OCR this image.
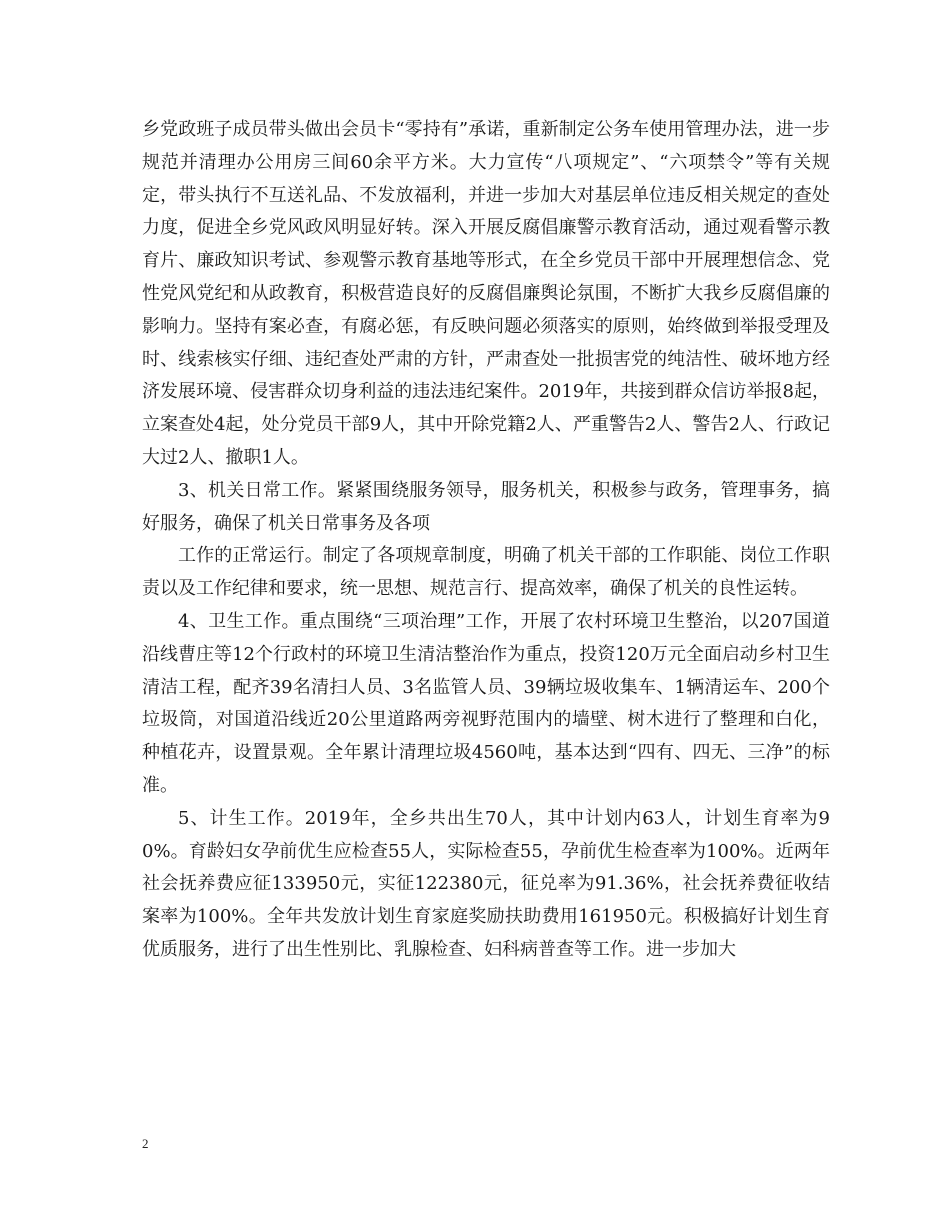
乡党政班子成员带头做出会员卡“零持有”承诺，重新制定公务车使用管理办法，进一步规范并清理办公用房三间60余平方米。大力宣传“八项规定”、“六项禁令”等有关规定，带头执行不互送礼品、不发放福利，并进一步加大对基层单位违反相关规定的查处力度，促进全乡党风政风明显好转。深入开展反腐倡廉警示教育活动，通过观看警示教育片、廉政知识考试、参观警示教育基地等形式，在全乡党员干部中开展理想信念、党性党风党纪和从政教育，积极营造良好的反腐倡廉舆论氛围，不断扩大我乡反腐倡廉的影响力。坚持有案必查，有腐必惩，有反映问题必须落实的原则，始终做到举报受理及时、线索核实仔细、违纪查处严肃的方针，严肃查处一批损害党的纯洁性、破坏地方经济发展环境、侵害群众切身利益的违法违纪案件。2019年，共接到群众信访举报8起，立案查处4起，处分党员干部9人，其中开除党籍2人、严重警告2人、警告2人、行政记大过2人、撤职1人。

3、机关日常工作。紧紧围绕服务领导，服务机关，积极参与政务，管理事务，搞好服务，确保了机关日常事务及各项

工作的正常运行。制定了各项规章制度，明确了机关干部的工作职能、岗位工作职责以及工作纪律和要求，统一思想、规范言行、提高效率，确保了机关的良性运转。

4、卫生工作。重点围绕“三项治理”工作，开展了农村环境卫生整治，以207国道沿线曹庄等12个行政村的环境卫生清洁整治作为重点，投资120万元全面启动乡村卫生清洁工程，配齐39名清扫人员、3名监管人员、39辆垃圾收集车、1辆清运车、200个垃圾筒，对国道沿线近20公里道路两旁视野范围内的墙壁、树木进行了整理和白化，种植花卉，设置景观。全年累计清理垃圾4560吨，基本达到“四有、四无、三净”的标准。

5、计生工作。2019年，全乡共出生70人，其中计划内63人，计划生育率为90%。育龄妇女孕前优生应检查55人，实际检查55，孕前优生检查率为100%。近两年社会抚养费应征133950元，实征122380元，征兑率为91.36%，社会抚养费征收结案率为100%。全年共发放计划生育家庭奖励扶助费用161950元。积极搞好计划生育优质服务，进行了出生性别比、乳腺检查、妇科病普查等工作。进一步加大

2
